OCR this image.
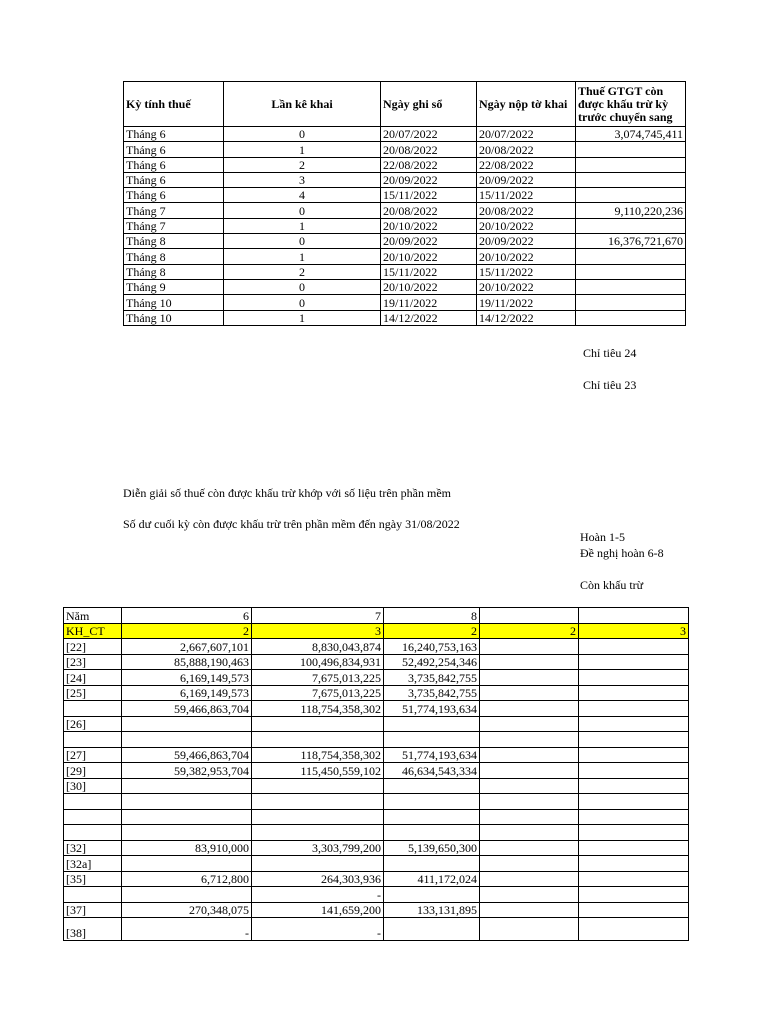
Kỳ tính thuế	Lần kê khai	Ngày ghi sổ	Ngày nộp tờ khai	Thuế GTGT còn được khấu trừ kỳ trước chuyển sang
Tháng 6	0	20/07/2022	20/07/2022	3,074,745,411
Tháng 6	1	20/08/2022	20/08/2022	
Tháng 6	2	22/08/2022	22/08/2022	
Tháng 6	3	20/09/2022	20/09/2022	
Tháng 6	4	15/11/2022	15/11/2022	
Tháng 7	0	20/08/2022	20/08/2022	9,110,220,236
Tháng 7	1	20/10/2022	20/10/2022	
Tháng 8	0	20/09/2022	20/09/2022	16,376,721,670
Tháng 8	1	20/10/2022	20/10/2022	
Tháng 8	2	15/11/2022	15/11/2022	
Tháng 9	0	20/10/2022	20/10/2022	
Tháng 10	0	19/11/2022	19/11/2022	
Tháng 10	1	14/12/2022	14/12/2022	
Chỉ tiêu 24
Chỉ tiêu 23
Diễn giải số thuế còn được khấu trừ khớp với số liệu trên phần mềm
Số dư cuối kỳ còn được khấu trừ trên phần mềm đến ngày 31/08/2022
Hoàn 1-5
Đề nghị hoàn 6-8
Còn khấu trừ
Năm	6	7	8		
KH_CT	2	3	2	2	3
[22]	2,667,607,101	8,830,043,874	16,240,753,163		
[23]	85,888,190,463	100,496,834,931	52,492,254,346		
[24]	6,169,149,573	7,675,013,225	3,735,842,755		
[25]	6,169,149,573	7,675,013,225	3,735,842,755		
	59,466,863,704	118,754,358,302	51,774,193,634		
[26]					

[27]	59,466,863,704	118,754,358,302	51,774,193,634		
[29]	59,382,953,704	115,450,559,102	46,634,543,334		
[30]					

[32]	83,910,000	3,303,799,200	5,139,650,300		
[32a]					
[35]	6,712,800	264,303,936	411,172,024		
		-			
[37]	270,348,075	141,659,200	133,131,895		
[38]	-	-			
